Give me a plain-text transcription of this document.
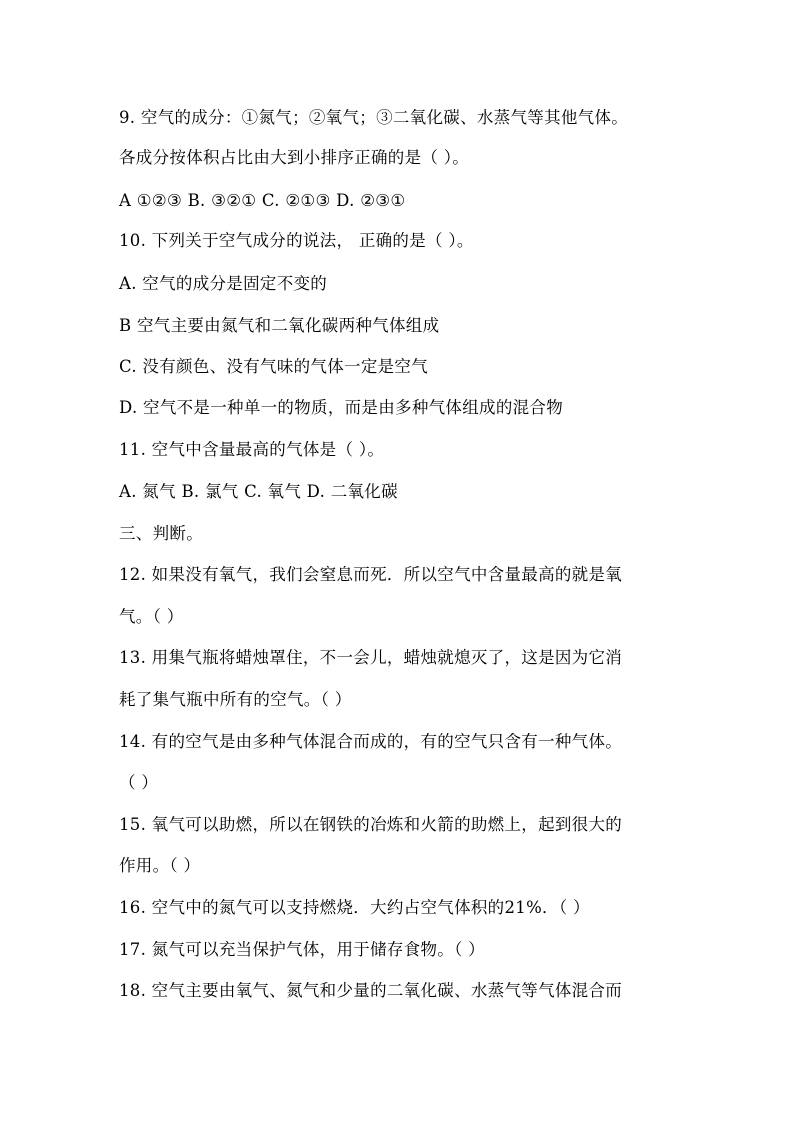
9. 空气的成分：①氮气；②氧气；③二氧化碳、水蒸气等其他气体。
各成分按体积占比由大到小排序正确的是（ ）。
A ①②③ B. ③②① C. ②①③ D. ②③①
10. 下列关于空气成分的说法， 正确的是（ ）。
A. 空气的成分是固定不变的
B 空气主要由氮气和二氧化碳两种气体组成
C. 没有颜色、没有气味的气体一定是空气
D. 空气不是一种单一的物质，而是由多种气体组成的混合物
11. 空气中含量最高的气体是（ ）。
A. 氮气 B. 氯气 C. 氧气 D. 二氧化碳
三、判断。
12. 如果没有氧气，我们会窒息而死．所以空气中含量最高的就是氧
气。（ ）
13. 用集气瓶将蜡烛罩住，不一会儿，蜡烛就熄灭了，这是因为它消
耗了集气瓶中所有的空气。（ ）
14. 有的空气是由多种气体混合而成的，有的空气只含有一种气体。
（ ）
15. 氧气可以助燃，所以在钢铁的冶炼和火箭的助燃上，起到很大的
作用。（ ）
16. 空气中的氮气可以支持燃烧．大约占空气体积的21%．（ ）
17. 氮气可以充当保护气体，用于储存食物。（ ）
18. 空气主要由氧气、氮气和少量的二氧化碳、水蒸气等气体混合而
